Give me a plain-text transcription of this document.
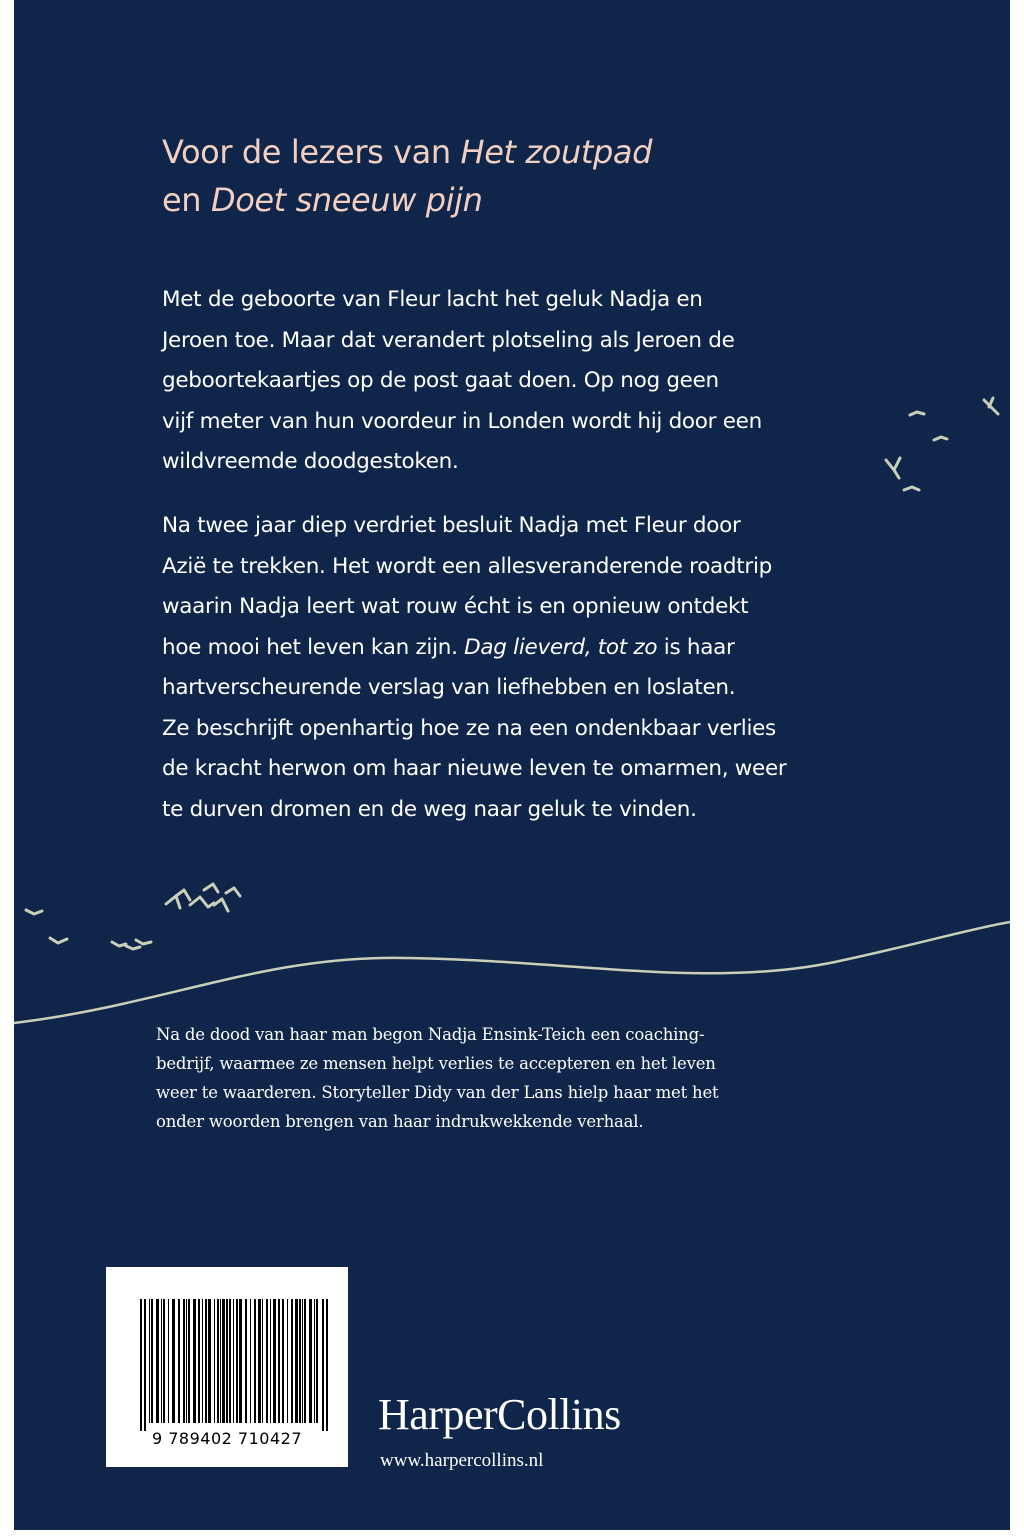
Voor de lezers van Het zoutpad
en Doet sneeuw pijn

Met de geboorte van Fleur lacht het geluk Nadja en
Jeroen toe. Maar dat verandert plotseling als Jeroen de
geboortekaartjes op de post gaat doen. Op nog geen
vijf meter van hun voordeur in Londen wordt hij door een
wildvreemde doodgestoken.

Na twee jaar diep verdriet besluit Nadja met Fleur door
Azië te trekken. Het wordt een allesveranderende roadtrip
waarin Nadja leert wat rouw écht is en opnieuw ontdekt
hoe mooi het leven kan zijn. Dag lieverd, tot zo is haar
hartverscheurende verslag van liefhebben en loslaten.
Ze beschrijft openhartig hoe ze na een ondenkbaar verlies
de kracht herwon om haar nieuwe leven te omarmen, weer
te durven dromen en de weg naar geluk te vinden.

Na de dood van haar man begon Nadja Ensink-Teich een coaching-
bedrijf, waarmee ze mensen helpt verlies te accepteren en het leven
weer te waarderen. Storyteller Didy van der Lans hielp haar met het
onder woorden brengen van haar indrukwekkende verhaal.

9 789402 710427	HarperCollins
www.harpercollins.nl
